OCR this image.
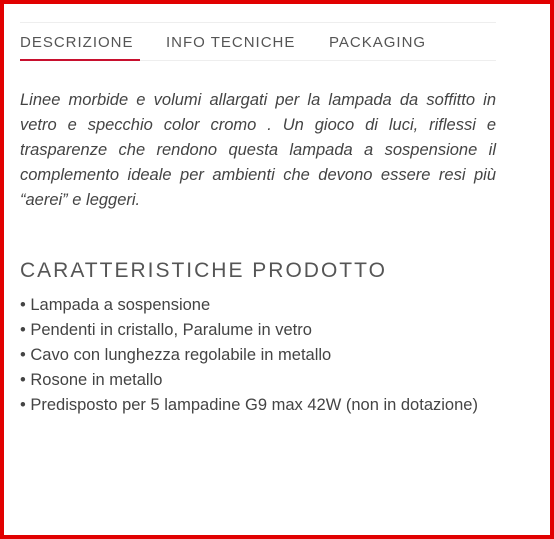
DESCRIZIONE INFO TECNICHE PACKAGING
Linee morbide e volumi allargati per la lampada da soffitto in vetro e specchio color cromo . Un gioco di luci, riflessi e trasparenze che rendono questa lampada a sospensione il complemento ideale per ambienti che devono essere resi più “aerei” e leggeri.
CARATTERISTICHE PRODOTTO
• Lampada a sospensione
• Pendenti in cristallo, Paralume in vetro
• Cavo con lunghezza regolabile in metallo
• Rosone in metallo
• Predisposto per 5 lampadine G9 max 42W (non in dotazione)
